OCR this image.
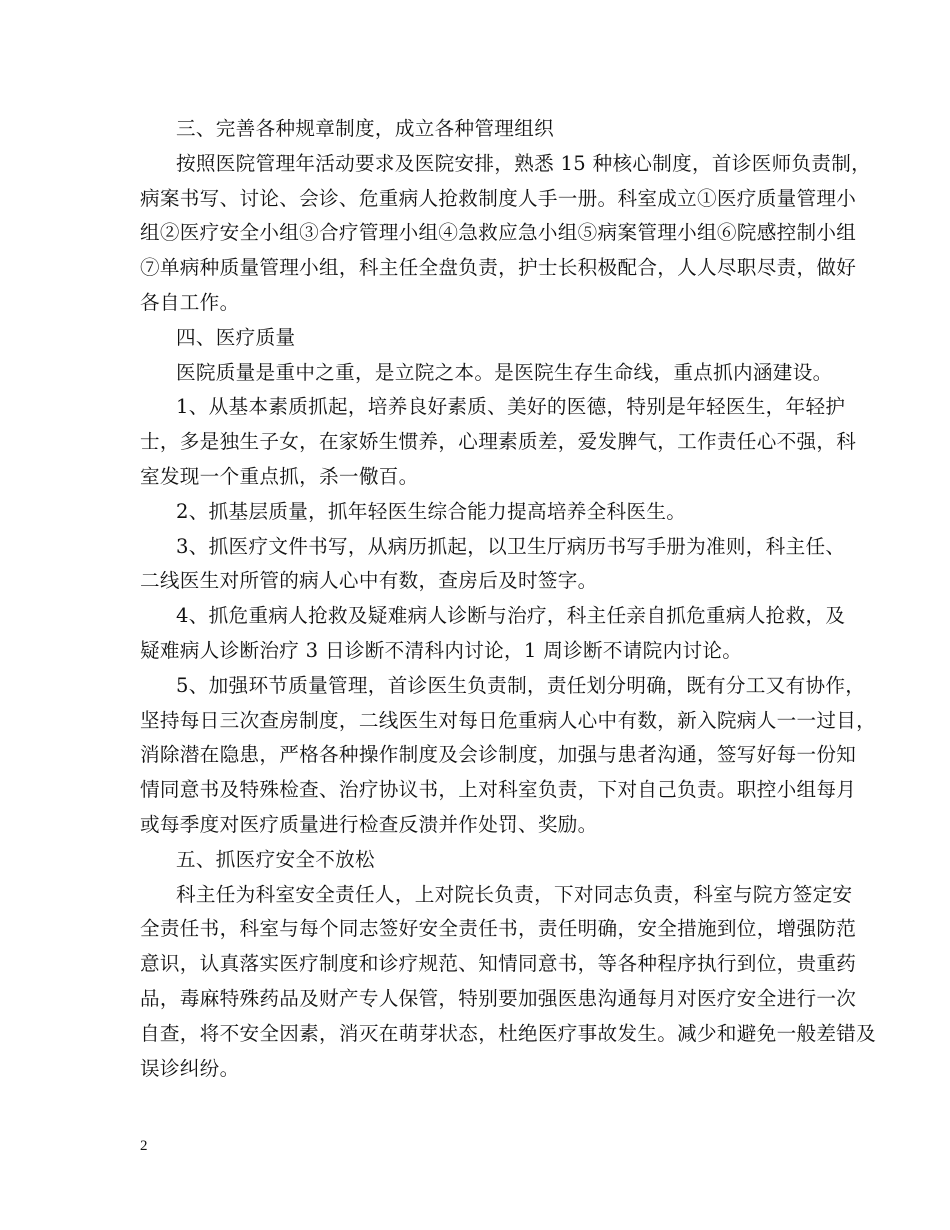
三、完善各种规章制度，成立各种管理组织
按照医院管理年活动要求及医院安排，熟悉 15 种核心制度，首诊医师负责制，
病案书写、讨论、会诊、危重病人抢救制度人手一册。科室成立①医疗质量管理小
组②医疗安全小组③合疗管理小组④急救应急小组⑤病案管理小组⑥院感控制小组
⑦单病种质量管理小组，科主任全盘负责，护士长积极配合，人人尽职尽责，做好
各自工作。
四、医疗质量
医院质量是重中之重，是立院之本。是医院生存生命线，重点抓内涵建设。
1、从基本素质抓起，培养良好素质、美好的医德，特别是年轻医生，年轻护
士，多是独生子女，在家娇生惯养，心理素质差，爱发脾气，工作责任心不强，科
室发现一个重点抓，杀一儆百。
2、抓基层质量，抓年轻医生综合能力提高培养全科医生。
3、抓医疗文件书写，从病历抓起，以卫生厅病历书写手册为准则，科主任、
二线医生对所管的病人心中有数，查房后及时签字。
4、抓危重病人抢救及疑难病人诊断与治疗，科主任亲自抓危重病人抢救，及
疑难病人诊断治疗 3 日诊断不清科内讨论，1 周诊断不请院内讨论。
5、加强环节质量管理，首诊医生负责制，责任划分明确，既有分工又有协作，
坚持每日三次查房制度，二线医生对每日危重病人心中有数，新入院病人一一过目，
消除潜在隐患，严格各种操作制度及会诊制度，加强与患者沟通，签写好每一份知
情同意书及特殊检查、治疗协议书，上对科室负责，下对自己负责。职控小组每月
或每季度对医疗质量进行检查反溃并作处罚、奖励。
五、抓医疗安全不放松
科主任为科室安全责任人，上对院长负责，下对同志负责，科室与院方签定安
全责任书，科室与每个同志签好安全责任书，责任明确，安全措施到位，增强防范
意识，认真落实医疗制度和诊疗规范、知情同意书，等各种程序执行到位，贵重药
品，毒麻特殊药品及财产专人保管，特别要加强医患沟通每月对医疗安全进行一次
自查，将不安全因素，消灭在萌芽状态，杜绝医疗事故发生。减少和避免一般差错及
误诊纠纷。
2
